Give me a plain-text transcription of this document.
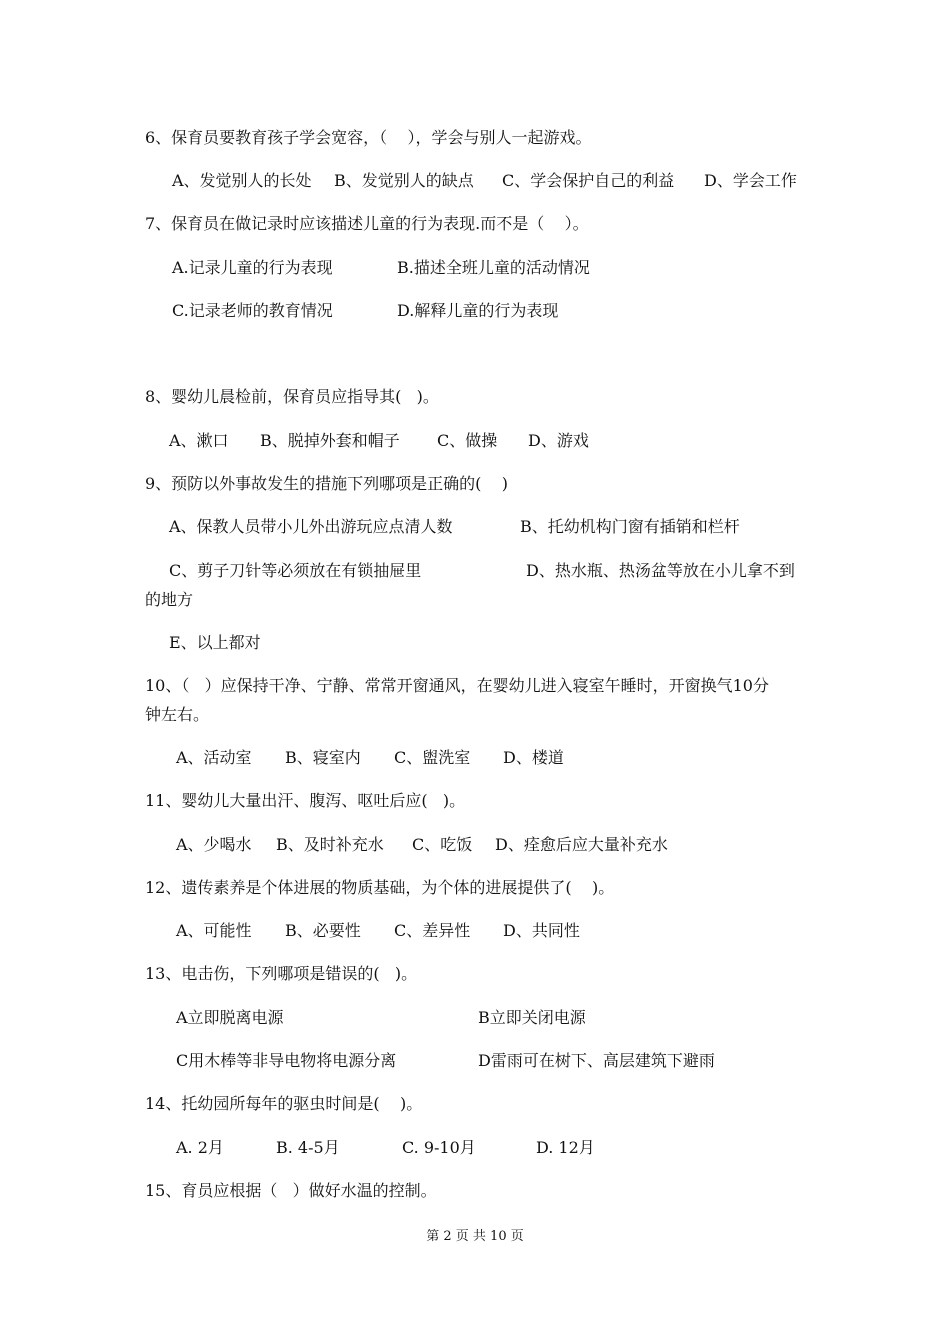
6、保育员要教育孩子学会宽容，（    ），学会与别人一起游戏。
A、发觉别人的长处 B、发觉别人的缺点 C、学会保护自己的利益 D、学会工作
7、保育员在做记录时应该描述儿童的行为表现.而不是（    ）。
A.记录儿童的行为表现	B.描述全班儿童的活动情况
C.记录老师的教育情况	D.解释儿童的行为表现
8、婴幼儿晨检前，保育员应指导其(   )。
A、漱口 B、脱掉外套和帽子 C、做操 D、游戏
9、预防以外事故发生的措施下列哪项是正确的(    )
A、保教人员带小儿外出游玩应点清人数	B、托幼机构门窗有插销和栏杆
C、剪子刀针等必须放在有锁抽屉里	D、热水瓶、热汤盆等放在小儿拿不到
的地方
E、以上都对
10、（   ）应保持干净、宁静、常常开窗通风，在婴幼儿进入寝室午睡时，开窗换气10分
钟左右。
A、活动室 B、寝室内 C、盥洗室 D、楼道
11、婴幼儿大量出汗、腹泻、呕吐后应(   )。
A、少喝水 B、及时补充水 C、吃饭 D、痊愈后应大量补充水
12、遗传素养是个体进展的物质基础，为个体的进展提供了(    )。
A、可能性 B、必要性 C、差异性 D、共同性
13、电击伤，下列哪项是错误的(   )。
A立即脱离电源	B立即关闭电源
C用木棒等非导电物将电源分离	D雷雨可在树下、高层建筑下避雨
14、托幼园所每年的驱虫时间是(    )。
A. 2月	B. 4-5月	C. 9-10月	D. 12月
15、育员应根据（   ）做好水温的控制。
第 2 页 共 10 页
